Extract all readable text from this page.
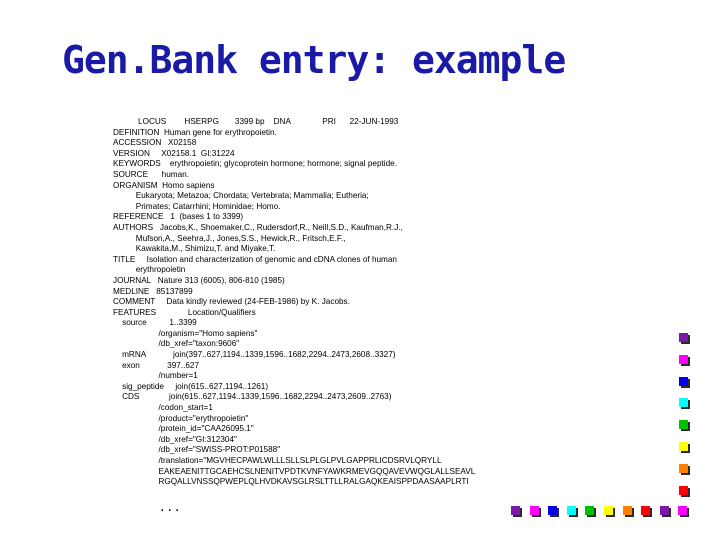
Gen.Bank entry: example
LOCUS        HSERPG       3399 bp    DNA              PRI      22-JUN-1993
DEFINITION  Human gene for erythropoietin.
ACCESSION   X02158
VERSION     X02158.1  GI:31224
KEYWORDS    erythropoietin; glycoprotein hormone; hormone; signal peptide.
SOURCE      human.
ORGANISM  Homo sapiens
Eukaryota; Metazoa; Chordata; Vertebrata; Mammalia; Eutheria;
Primates; Catarrhini; Hominidae; Homo.
REFERENCE   1  (bases 1 to 3399)
AUTHORS   Jacobs,K., Shoemaker,C., Rudersdorf,R., Neill,S.D., Kaufman,R.J.,
Mufson,A., Seehra,J., Jones,S.S., Hewick,R., Fritsch,E.F.,
Kawakita,M., Shimizu,T. and Miyake,T.
TITLE     Isolation and characterization of genomic and cDNA clones of human
erythropoietin
JOURNAL   Nature 313 (6005), 806-810 (1985)
MEDLINE   85137899
COMMENT     Data kindly reviewed (24-FEB-1986) by K. Jacobs.
FEATURES              Location/Qualifiers
source          1..3399
/organism="Homo sapiens"
/db_xref="taxon:9606"
mRNA            join(397..627,1194..1339,1596..1682,2294..2473,2608..3327)
exon            397..627
/number=1
sig_peptide     join(615..627,1194..1261)
CDS             join(615..627,1194..1339,1596..1682,2294..2473,2609..2763)
/codon_start=1
/product="erythropoietin"
/protein_id="CAA26095.1"
/db_xref="GI:312304"
/db_xref="SWISS-PROT:P01588"
/translation="MGVHECPAWLWLLLSLLSLPLGLPVLGAPPRLICDSRVLQRYLL
EAKEAENITTGCAEHCSLNENITVPDTKVNFYAWKRMEVGQQAVEVWQGLALLSEAVL
RGQALLVNSSQPWEPLQLHVDKAVSGLRSLTTLLRALGAQKEAISPPDAASAAPLRTI
...
